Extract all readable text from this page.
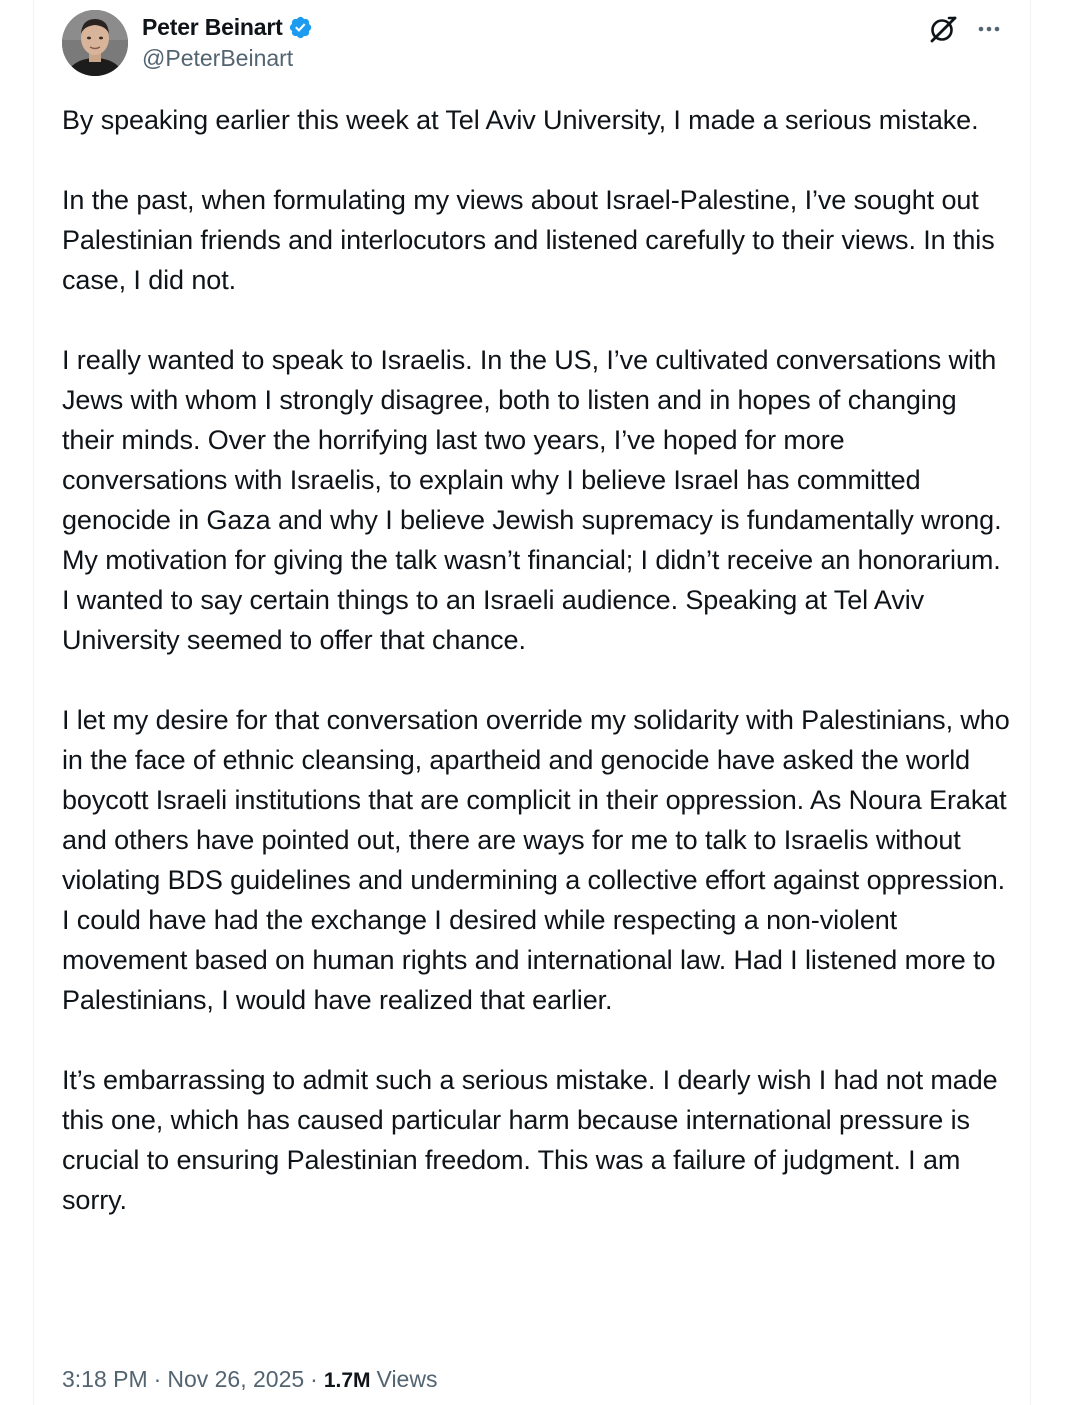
Peter Beinart
@PeterBeinart

By speaking earlier this week at Tel Aviv University, I made a serious mistake.

In the past, when formulating my views about Israel-Palestine, I’ve sought out Palestinian friends and interlocutors and listened carefully to their views. In this case, I did not.

I really wanted to speak to Israelis. In the US, I’ve cultivated conversations with Jews with whom I strongly disagree, both to listen and in hopes of changing their minds. Over the horrifying last two years, I’ve hoped for more conversations with Israelis, to explain why I believe Israel has committed genocide in Gaza and why I believe Jewish supremacy is fundamentally wrong. My motivation for giving the talk wasn’t financial; I didn’t receive an honorarium. I wanted to say certain things to an Israeli audience. Speaking at Tel Aviv University seemed to offer that chance.

I let my desire for that conversation override my solidarity with Palestinians, who in the face of ethnic cleansing, apartheid and genocide have asked the world boycott Israeli institutions that are complicit in their oppression. As Noura Erakat and others have pointed out, there are ways for me to talk to Israelis without violating BDS guidelines and undermining a collective effort against oppression. I could have had the exchange I desired while respecting a non-violent movement based on human rights and international law. Had I listened more to Palestinians, I would have realized that earlier.

It’s embarrassing to admit such a serious mistake. I dearly wish I had not made this one, which has caused particular harm because international pressure is crucial to ensuring Palestinian freedom. This was a failure of judgment. I am sorry.

3:18 PM · Nov 26, 2025 · 1.7M Views
